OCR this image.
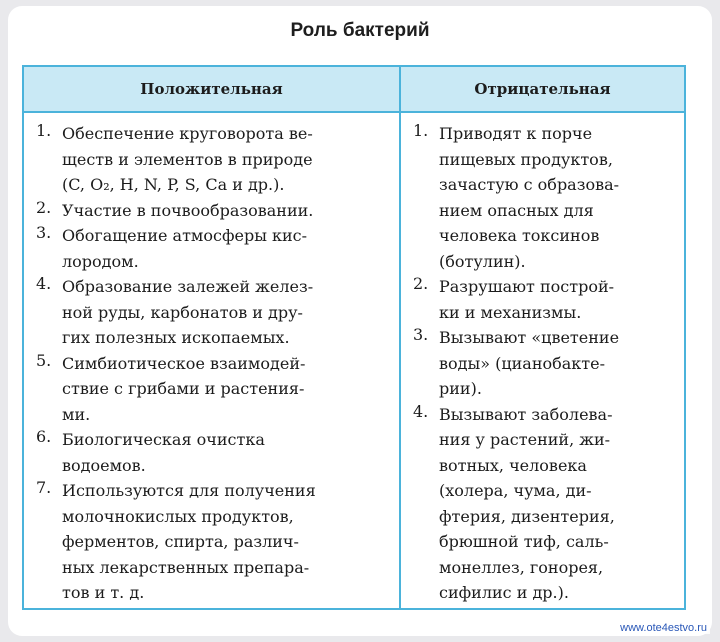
Роль бактерий
Положительная	Отрицательная
1. Обеспечение круговорота ве-
ществ и элементов в природе
(C, O₂, H, N, P, S, Ca и др.).
2. Участие в почвообразовании.
3. Обогащение атмосферы кис-
лородом.
4. Образование залежей желез-
ной руды, карбонатов и дру-
гих полезных ископаемых.
5. Симбиотическое взаимодей-
ствие с грибами и растения-
ми.
6. Биологическая очистка
водоемов.
7. Используются для получения
молочнокислых продуктов,
ферментов, спирта, различ-
ных лекарственных препара-
тов и т. д.
1. Приводят к порче
пищевых продуктов,
зачастую с образова-
нием опасных для
человека токсинов
(ботулин).
2. Разрушают построй-
ки и механизмы.
3. Вызывают «цветение
воды» (цианобакте-
рии).
4. Вызывают заболева-
ния у растений, жи-
вотных, человека
(холера, чума, ди-
фтерия, дизентерия,
брюшной тиф, саль-
монеллез, гонорея,
сифилис и др.).
www.ote4estvo.ru
